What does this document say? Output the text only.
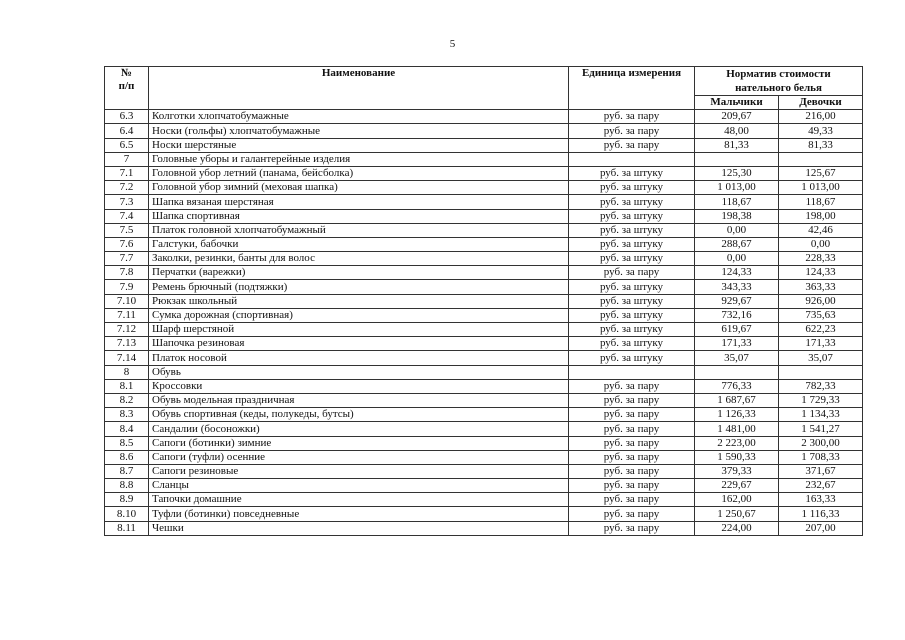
5
№
п/п	Наименование	Единица измерения	Норматив стоимости нательного белья	
			Мальчики	Девочки
6.3	Колготки хлопчатобумажные	руб. за пару	209,67	216,00
6.4	Носки (гольфы) хлопчатобумажные	руб. за пару	48,00	49,33
6.5	Носки шерстяные	руб. за пару	81,33	81,33
7	Головные уборы и галантерейные изделия			
7.1	Головной убор летний (панама, бейсболка)	руб. за штуку	125,30	125,67
7.2	Головной убор зимний (меховая шапка)	руб. за штуку	1 013,00	1 013,00
7.3	Шапка вязаная шерстяная	руб. за штуку	118,67	118,67
7.4	Шапка спортивная	руб. за штуку	198,38	198,00
7.5	Платок головной хлопчатобумажный	руб. за штуку	0,00	42,46
7.6	Галстуки, бабочки	руб. за штуку	288,67	0,00
7.7	Заколки, резинки, банты для волос	руб. за штуку	0,00	228,33
7.8	Перчатки (варежки)	руб. за пару	124,33	124,33
7.9	Ремень брючный (подтяжки)	руб. за штуку	343,33	363,33
7.10	Рюкзак школьный	руб. за штуку	929,67	926,00
7.11	Сумка дорожная (спортивная)	руб. за штуку	732,16	735,63
7.12	Шарф шерстяной	руб. за штуку	619,67	622,23
7.13	Шапочка резиновая	руб. за штуку	171,33	171,33
7.14	Платок носовой	руб. за штуку	35,07	35,07
8	Обувь			
8.1	Кроссовки	руб. за пару	776,33	782,33
8.2	Обувь модельная праздничная	руб. за пару	1 687,67	1 729,33
8.3	Обувь спортивная (кеды, полукеды, бутсы)	руб. за пару	1 126,33	1 134,33
8.4	Сандалии (босоножки)	руб. за пару	1 481,00	1 541,27
8.5	Сапоги (ботинки) зимние	руб. за пару	2 223,00	2 300,00
8.6	Сапоги (туфли) осенние	руб. за пару	1 590,33	1 708,33
8.7	Сапоги резиновые	руб. за пару	379,33	371,67
8.8	Сланцы	руб. за пару	229,67	232,67
8.9	Тапочки домашние	руб. за пару	162,00	163,33
8.10	Туфли (ботинки) повседневные	руб. за пару	1 250,67	1 116,33
8.11	Чешки	руб. за пару	224,00	207,00
